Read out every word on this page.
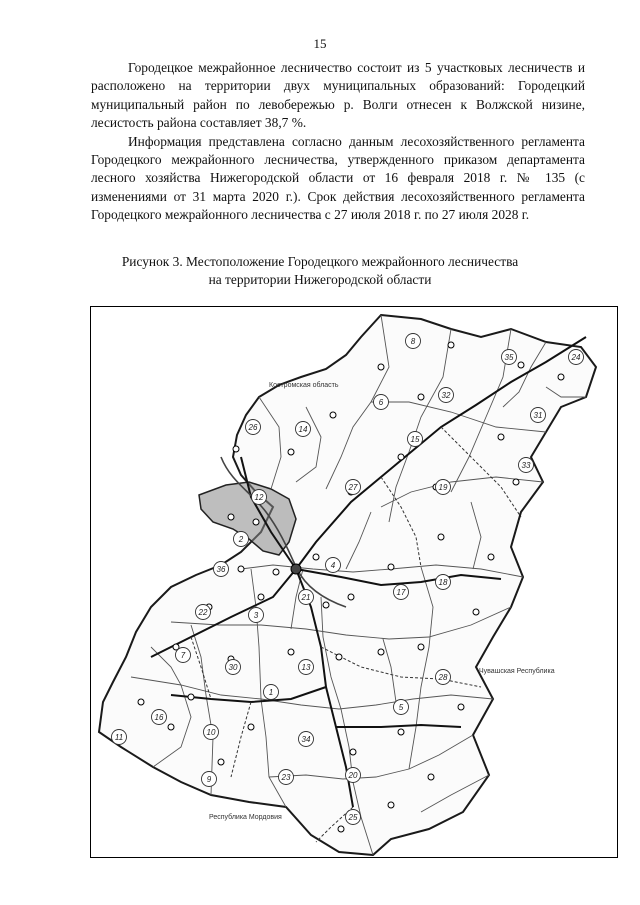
15

Городецкое межрайонное лесничество состоит из 5 участковых лесничеств и расположено на территории двух муниципальных образований: Городецкий муниципальный район по левобережью р. Волги отнесен к Волжской низине, лесистость района составляет 38,7 %.

Информация представлена согласно данным лесохозяйственного регламента Городецкого межрайонного лесничества, утвержденного приказом департамента лесного хозяйства Нижегородской области от 16 февраля 2018 г. № 135 (с изменениями от 31 марта 2020 г.). Срок действия лесохозяйственного регламента Городецкого межрайонного лесничества с 27 июля 2018 г. по 27 июля 2028 г.

Рисунок 3. Местоположение Городецкого межрайонного лесничества
на территории Нижегородской области
8
35	24
32
6
31
14
15
33
26
27	19
12
2
36	4
17
18
22	3
21
7
30	13
28
1
5
16
11
10
34
9	23	20
25
Костромская область
Чувашская Республика
Республика Мордовия
